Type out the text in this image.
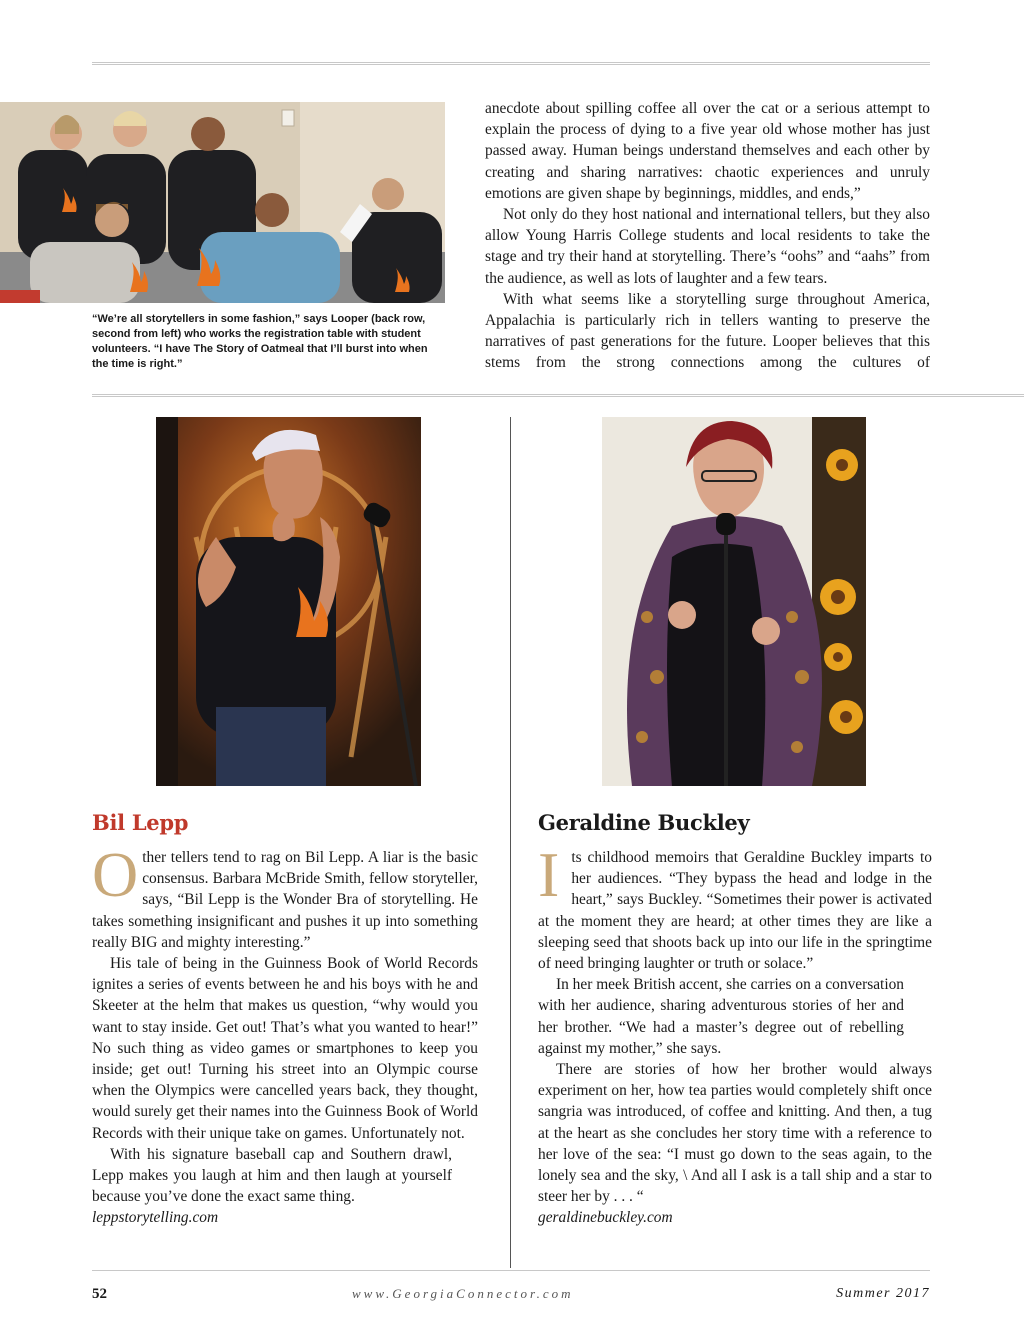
“We’re all storytellers in some fashion,” says Looper (back row, second from left) who works the registration table with student volunteers. “I have The Story of Oatmeal that I’ll burst into when the time is right.”

anecdote about spilling coffee all over the cat or a serious attempt to explain the process of dying to a five year old whose mother has just passed away. Human beings understand themselves and each other by creating and sharing narratives: chaotic experiences and unruly emotions are given shape by beginnings, middles, and ends,”

Not only do they host national and international tellers, but they also allow Young Harris College students and local residents to take the stage and try their hand at storytelling. There’s “oohs” and “aahs” from the audience, as well as lots of laughter and a few tears.

With what seems like a storytelling surge throughout America, Appalachia is particularly rich in tellers wanting to preserve the narratives of past generations for the future. Looper believes that this stems from the strong connections among the cultures of

Bil Lepp

Other tellers tend to rag on Bil Lepp. A liar is the basic consensus. Barbara McBride Smith, fellow storyteller, says, “Bil Lepp is the Wonder Bra of storytelling. He takes something insignificant and pushes it up into something really BIG and mighty interesting.”

His tale of being in the Guinness Book of World Records ignites a series of events between he and his boys with he and Skeeter at the helm that makes us question, “why would you want to stay inside. Get out! That’s what you wanted to hear!” No such thing as video games or smartphones to keep you inside; get out! Turning his street into an Olympic course when the Olympics were cancelled years back, they thought, would surely get their names into the Guinness Book of World Records with their unique take on games. Unfortunately not.

With his signature baseball cap and Southern drawl, Lepp makes you laugh at him and then laugh at yourself because you’ve done the exact same thing.

leppstorytelling.com

Geraldine Buckley

Its childhood memoirs that Geraldine Buckley imparts to her audiences. “They bypass the head and lodge in the heart,” says Buckley. “Sometimes their power is activated at the moment they are heard; at other times they are like a sleeping seed that shoots back up into our life in the springtime of need bringing laughter or truth or solace.”

In her meek British accent, she carries on a conversation with her audience, sharing adventurous stories of her and her brother. “We had a master’s degree out of rebelling against my mother,” she says.

There are stories of how her brother would always experiment on her, how tea parties would completely shift once sangria was introduced, of coffee and knitting. And then, a tug at the heart as she concludes her story time with a reference to her love of the sea: “I must go down to the seas again, to the lonely sea and the sky, \ And all I ask is a tall ship and a star to steer her by . . . “

geraldinebuckley.com

52	www.GeorgiaConnector.com	Summer 2017
